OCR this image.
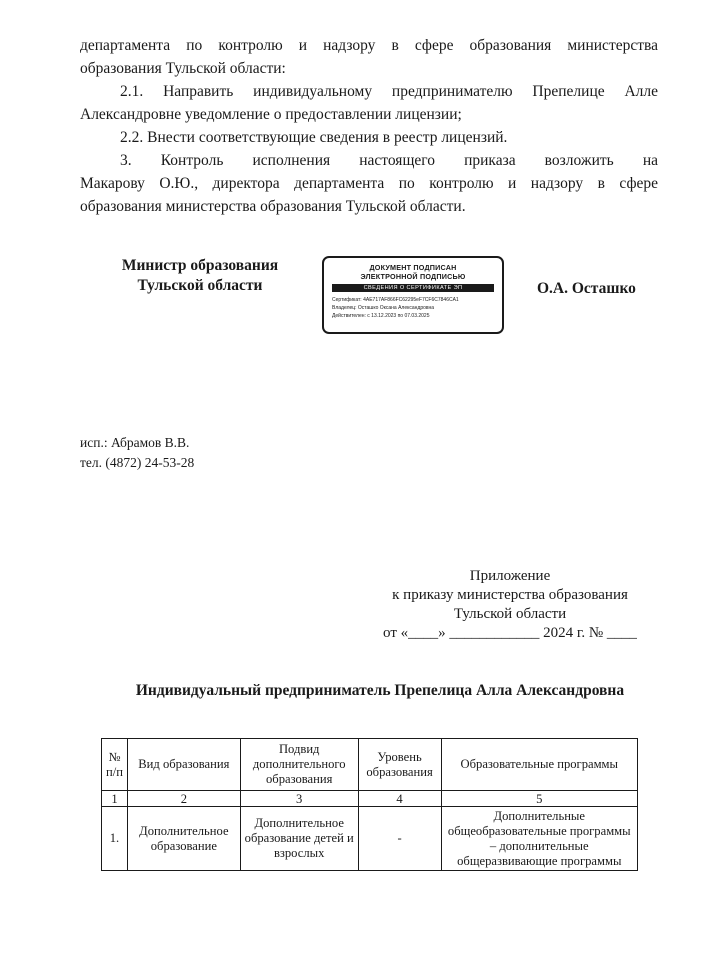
департамента по контролю и надзору в сфере образования министерства
образования Тульской области:
2.1. Направить индивидуальному предпринимателю Препелице Алле
Александровне уведомление о предоставлении лицензии;
2.2. Внести соответствующие сведения в реестр лицензий.
3. Контроль исполнения настоящего приказа возложить на
Макарову О.Ю., директора департамента по контролю и надзору в сфере
образования министерства образования Тульской области.
Министр образования
Тульской области
ДОКУМЕНТ ПОДПИСАН
ЭЛЕКТРОННОЙ ПОДПИСЬЮ
СВЕДЕНИЯ О СЕРТИФИКАТЕ ЭП
Сертификат: 4AE717AF866FC62295eF7CF6C7846CA1
Владелец: Осташко Оксана Александровна
Действителен: с 13.12.2023 по 07.03.2025
О.А. Осташко
исп.: Абрамов В.В.
тел. (4872) 24-53-28
Приложение
к приказу министерства образования
Тульской области
от «____» ____________ 2024 г. № ____
Индивидуальный предприниматель Препелица Алла Александровна
№ п/п	Вид образования	Подвид дополнительного образования	Уровень образования	Образовательные программы
1	2	3	4	5
1.	Дополнительное образование	Дополнительное образование детей и взрослых	-	Дополнительные общеобразовательные программы – дополнительные общеразвивающие программы
